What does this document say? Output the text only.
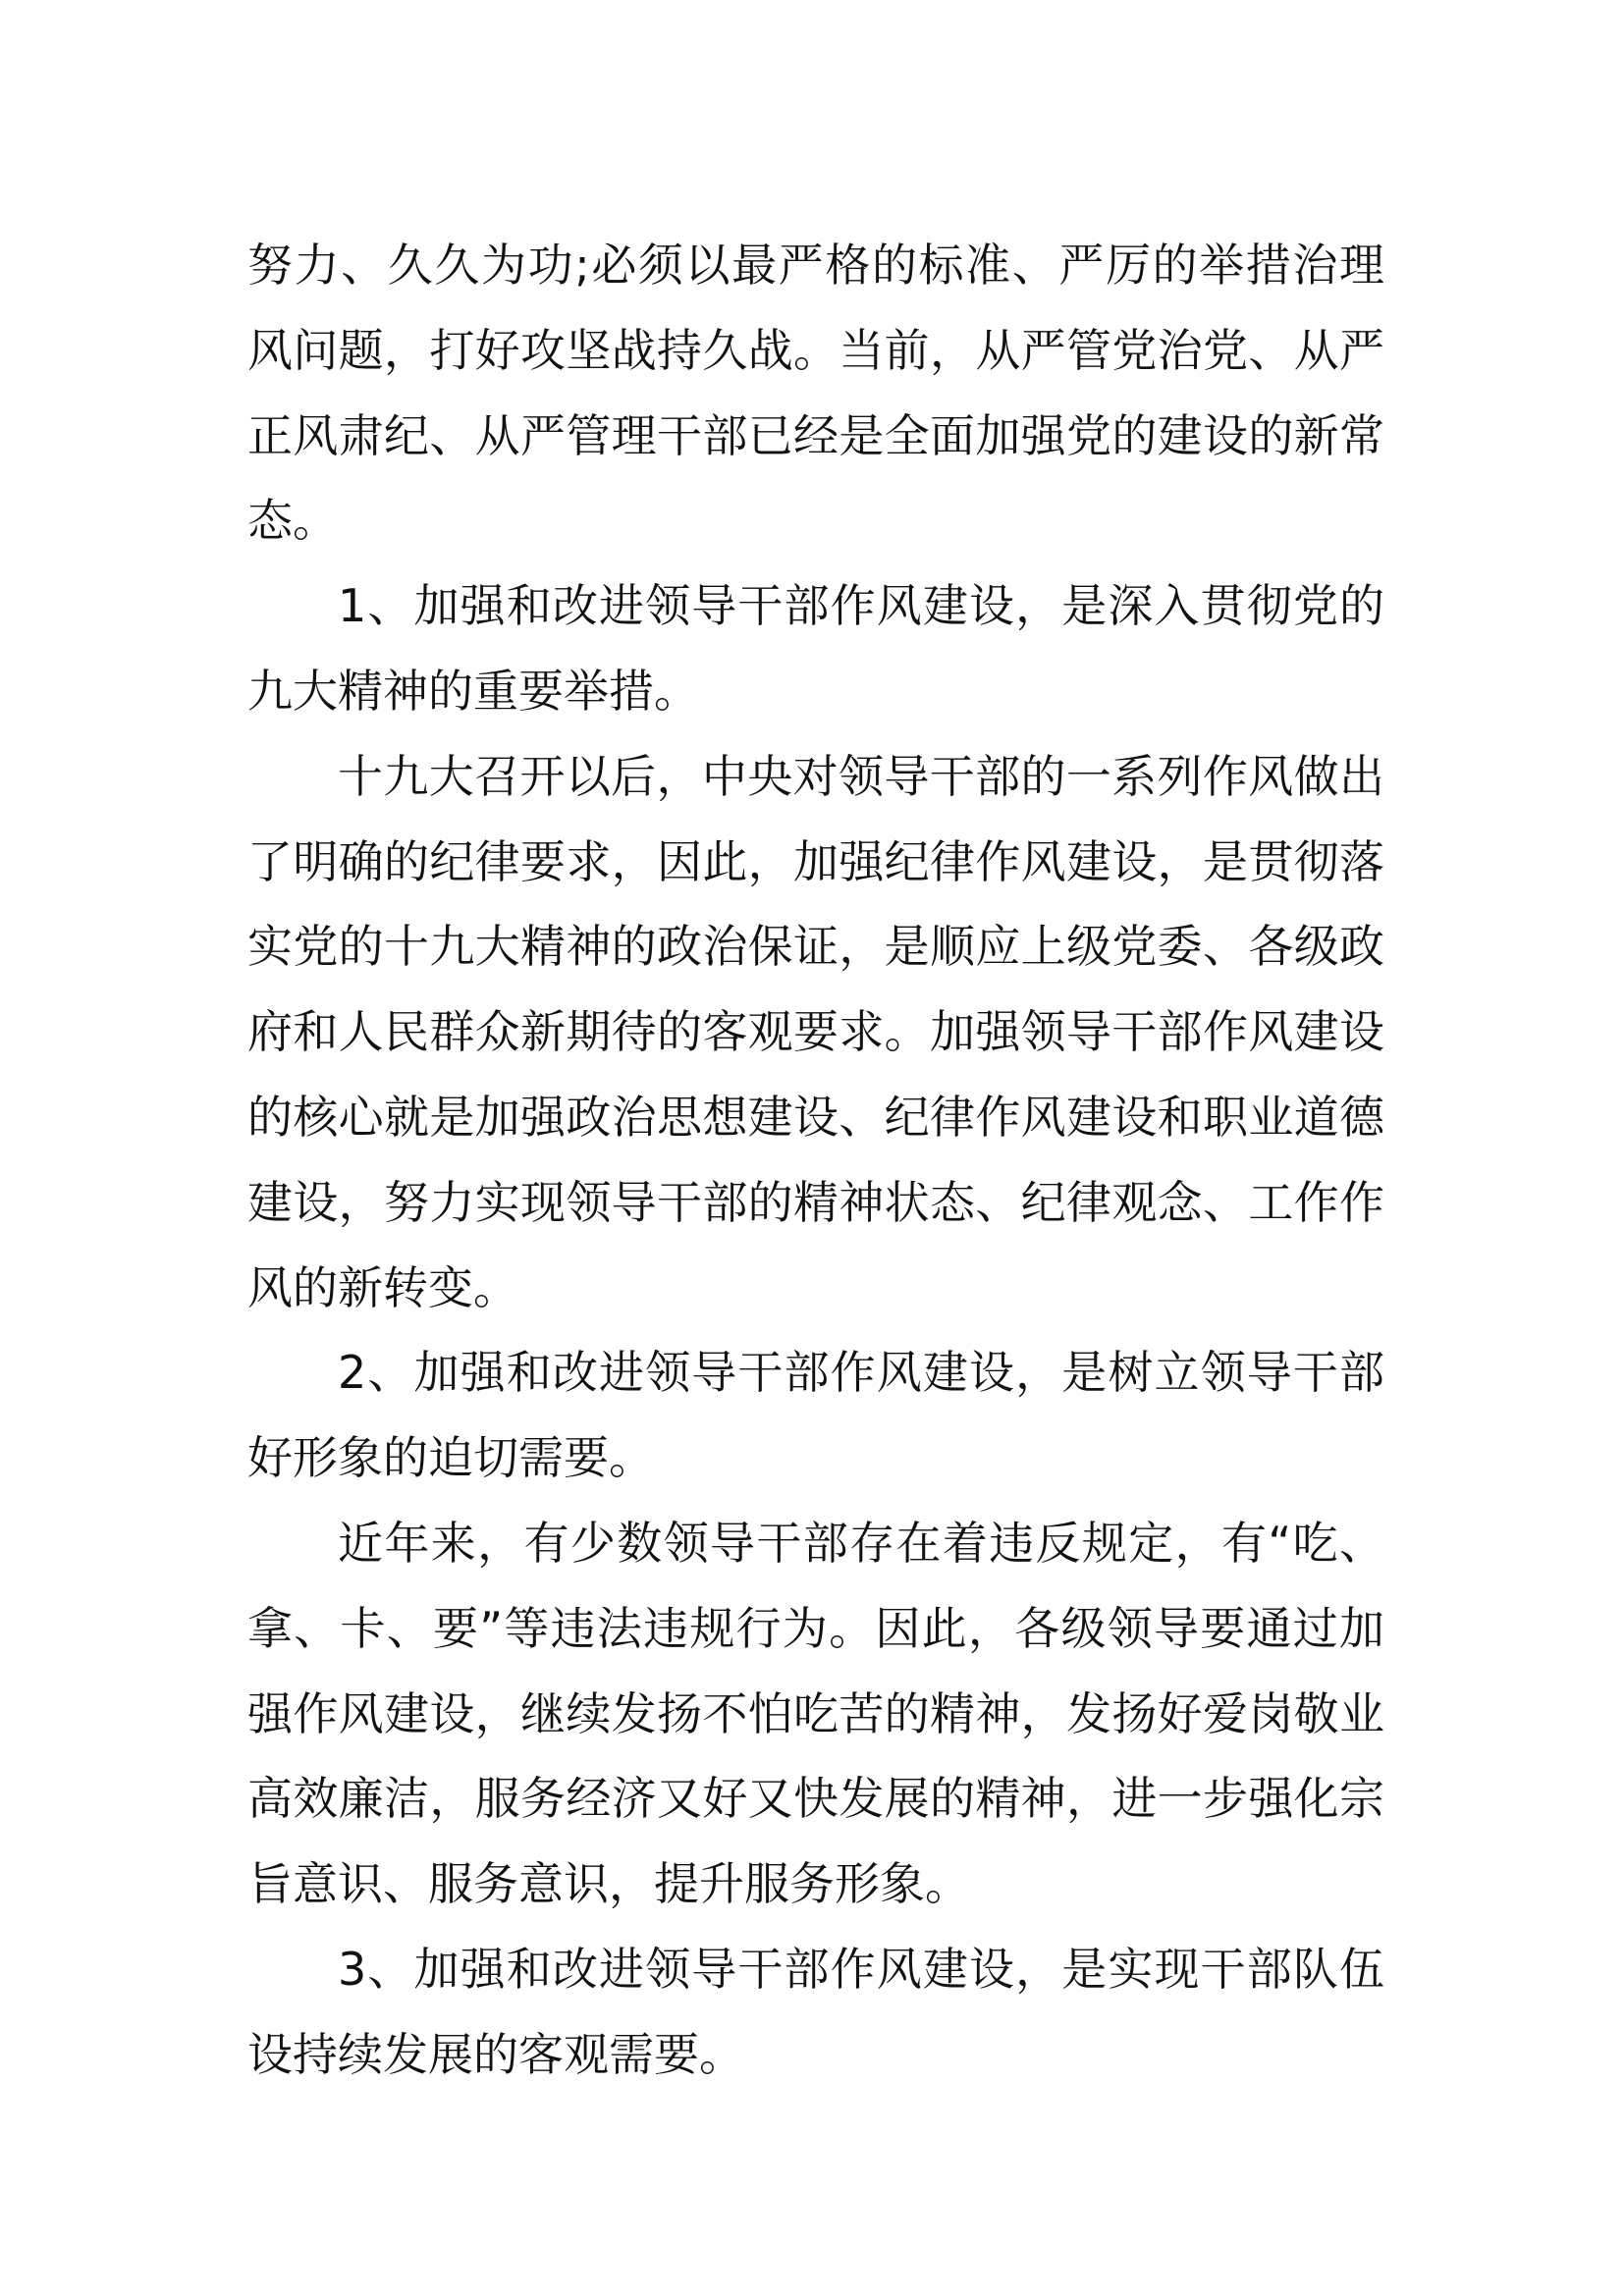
努力、久久为功;必须以最严格的标准、严厉的举措治理
风问题，打好攻坚战持久战。当前，从严管党治党、从严
正风肃纪、从严管理干部已经是全面加强党的建设的新常
态。
1、加强和改进领导干部作风建设，是深入贯彻党的
九大精神的重要举措。
十九大召开以后，中央对领导干部的一系列作风做出
了明确的纪律要求，因此，加强纪律作风建设，是贯彻落
实党的十九大精神的政治保证，是顺应上级党委、各级政
府和人民群众新期待的客观要求。加强领导干部作风建设
的核心就是加强政治思想建设、纪律作风建设和职业道德
建设，努力实现领导干部的精神状态、纪律观念、工作作
风的新转变。
2、加强和改进领导干部作风建设，是树立领导干部
好形象的迫切需要。
近年来，有少数领导干部存在着违反规定，有“吃、
拿、卡、要”等违法违规行为。因此，各级领导要通过加
强作风建设，继续发扬不怕吃苦的精神，发扬好爱岗敬业
高效廉洁，服务经济又好又快发展的精神，进一步强化宗
旨意识、服务意识，提升服务形象。
3、加强和改进领导干部作风建设，是实现干部队伍
设持续发展的客观需要。
